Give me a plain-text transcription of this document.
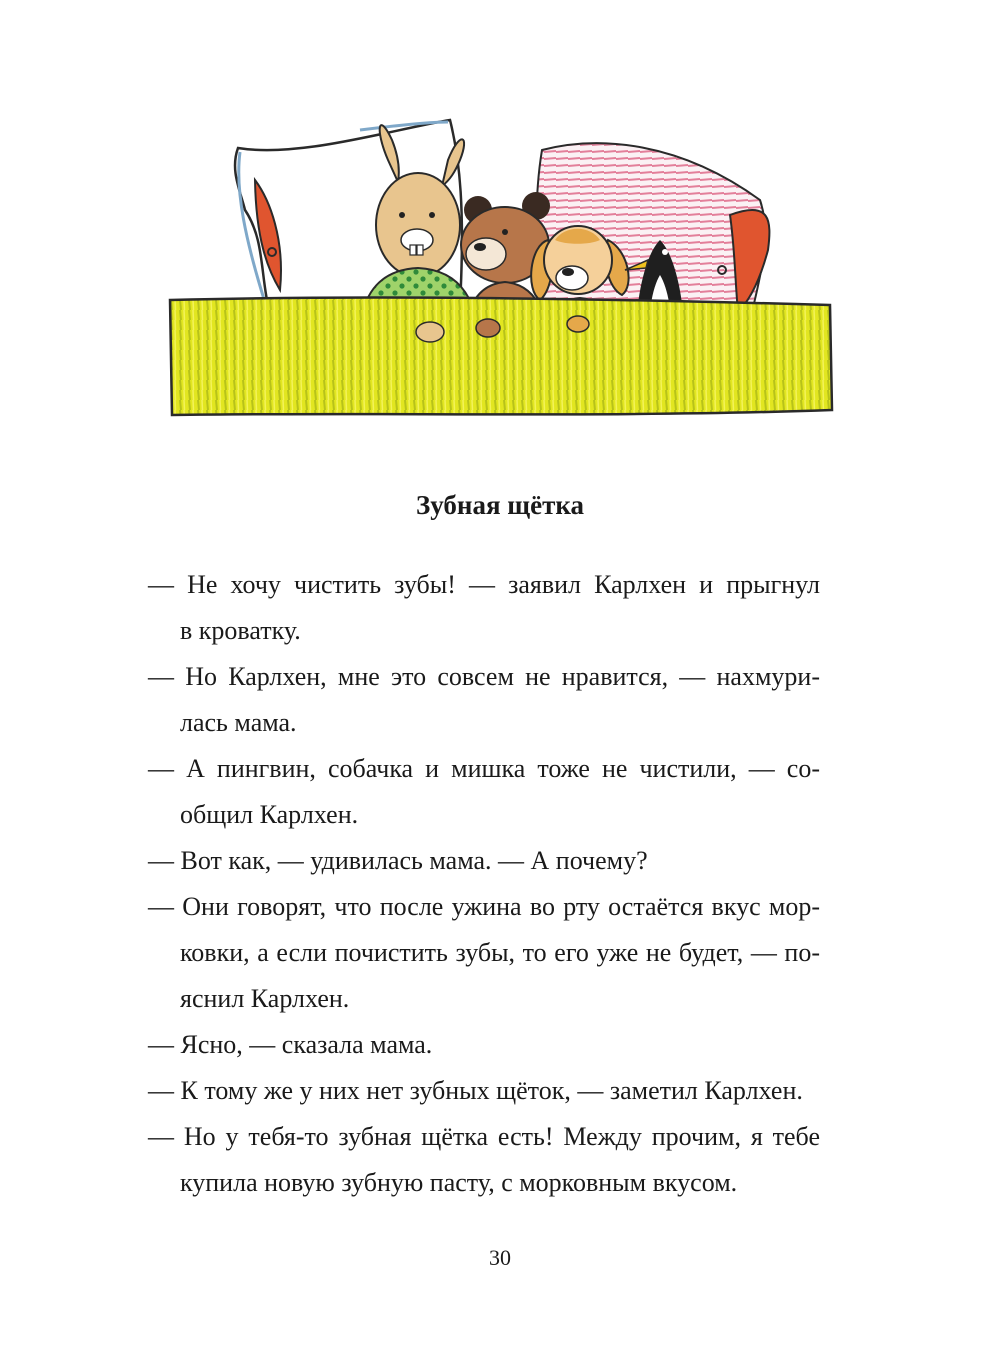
Зубная щётка

— Не хочу чистить зубы! — заявил Карлхен и прыгнул
в кроватку.

— Но Карлхен, мне это совсем не нравится, — нахмури-
лась мама.

— А пингвин, собачка и мишка тоже не чистили, — со-
общил Карлхен.

— Вот как, — удивилась мама. — А почему?

— Они говорят, что после ужина во рту остаётся вкус мор-
ковки, а если почистить зубы, то его уже не будет, — по-
яснил Карлхен.

— Ясно, — сказала мама.

— К тому же у них нет зубных щёток, — заметил Карлхен.

— Но у тебя-то зубная щётка есть! Между прочим, я тебе
купила новую зубную пасту, с морковным вкусом.

30
